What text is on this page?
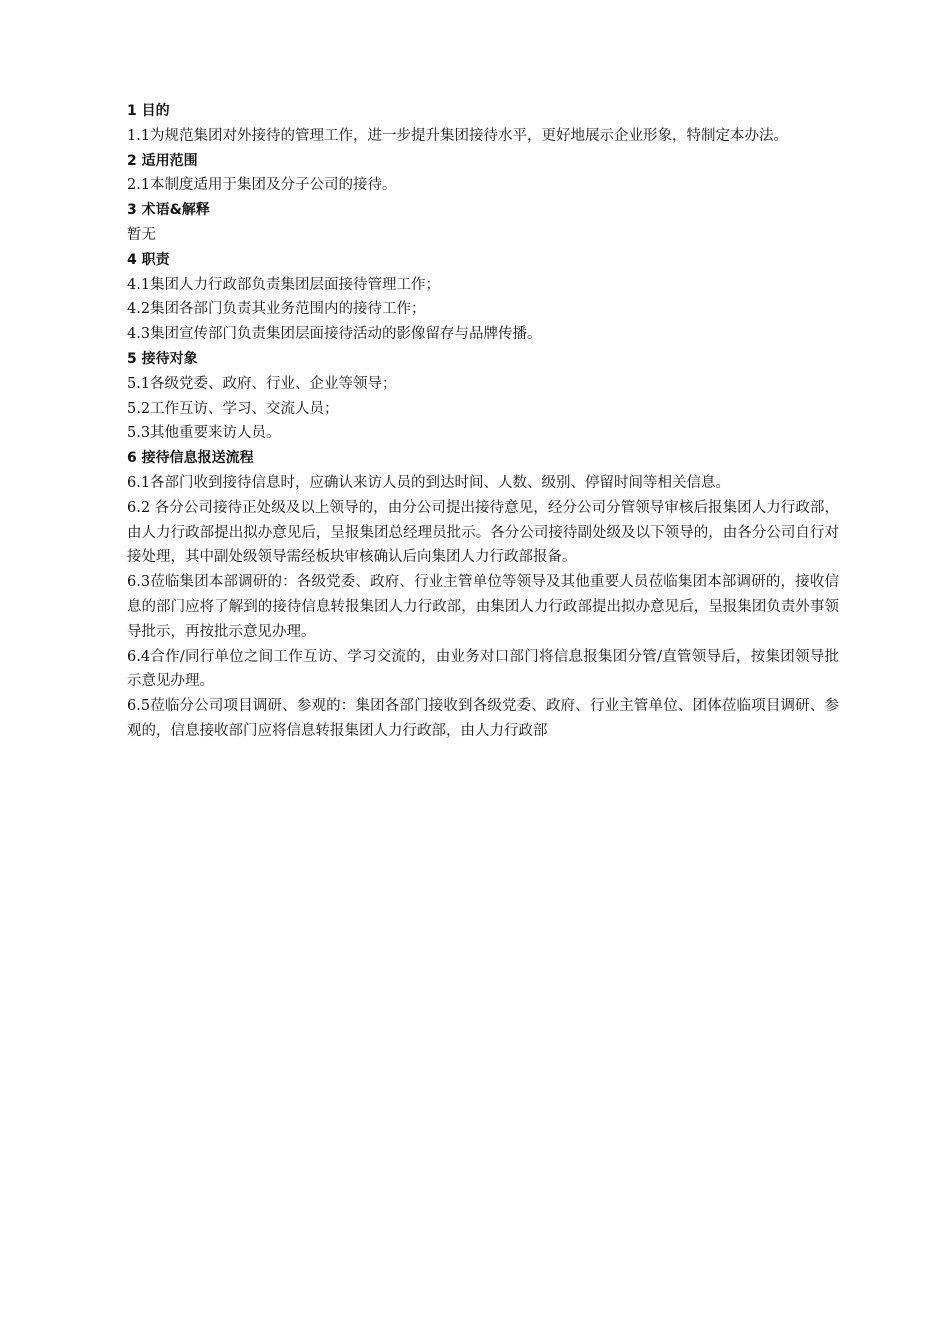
1 目的

1.1为规范集团对外接待的管理工作，进一步提升集团接待水平，更好地展示企业形象，特制定本办法。

2 适用范围

2.1本制度适用于集团及分子公司的接待。

3 术语&解释

暂无

4 职责

4.1集团人力行政部负责集团层面接待管理工作；

4.2集团各部门负责其业务范围内的接待工作；

4.3集团宣传部门负责集团层面接待活动的影像留存与品牌传播。

5 接待对象

5.1各级党委、政府、行业、企业等领导；

5.2工作互访、学习、交流人员；

5.3其他重要来访人员。

6 接待信息报送流程

6.1各部门收到接待信息时，应确认来访人员的到达时间、人数、级别、停留时间等相关信息。

6.2 各分公司接待正处级及以上领导的，由分公司提出接待意见，经分公司分管领导审核后报集团人力行政部，由人力行政部提出拟办意见后，呈报集团总经理员批示。各分公司接待副处级及以下领导的，由各分公司自行对接处理，其中副处级领导需经板块审核确认后向集团人力行政部报备。

6.3莅临集团本部调研的：各级党委、政府、行业主管单位等领导及其他重要人员莅临集团本部调研的，接收信息的部门应将了解到的接待信息转报集团人力行政部，由集团人力行政部提出拟办意见后，呈报集团负责外事领导批示，再按批示意见办理。

6.4合作/同行单位之间工作互访、学习交流的，由业务对口部门将信息报集团分管/直管领导后，按集团领导批示意见办理。

6.5莅临分公司项目调研、参观的：集团各部门接收到各级党委、政府、行业主管单位、团体莅临项目调研、参观的，信息接收部门应将信息转报集团人力行政部，由人力行政部
